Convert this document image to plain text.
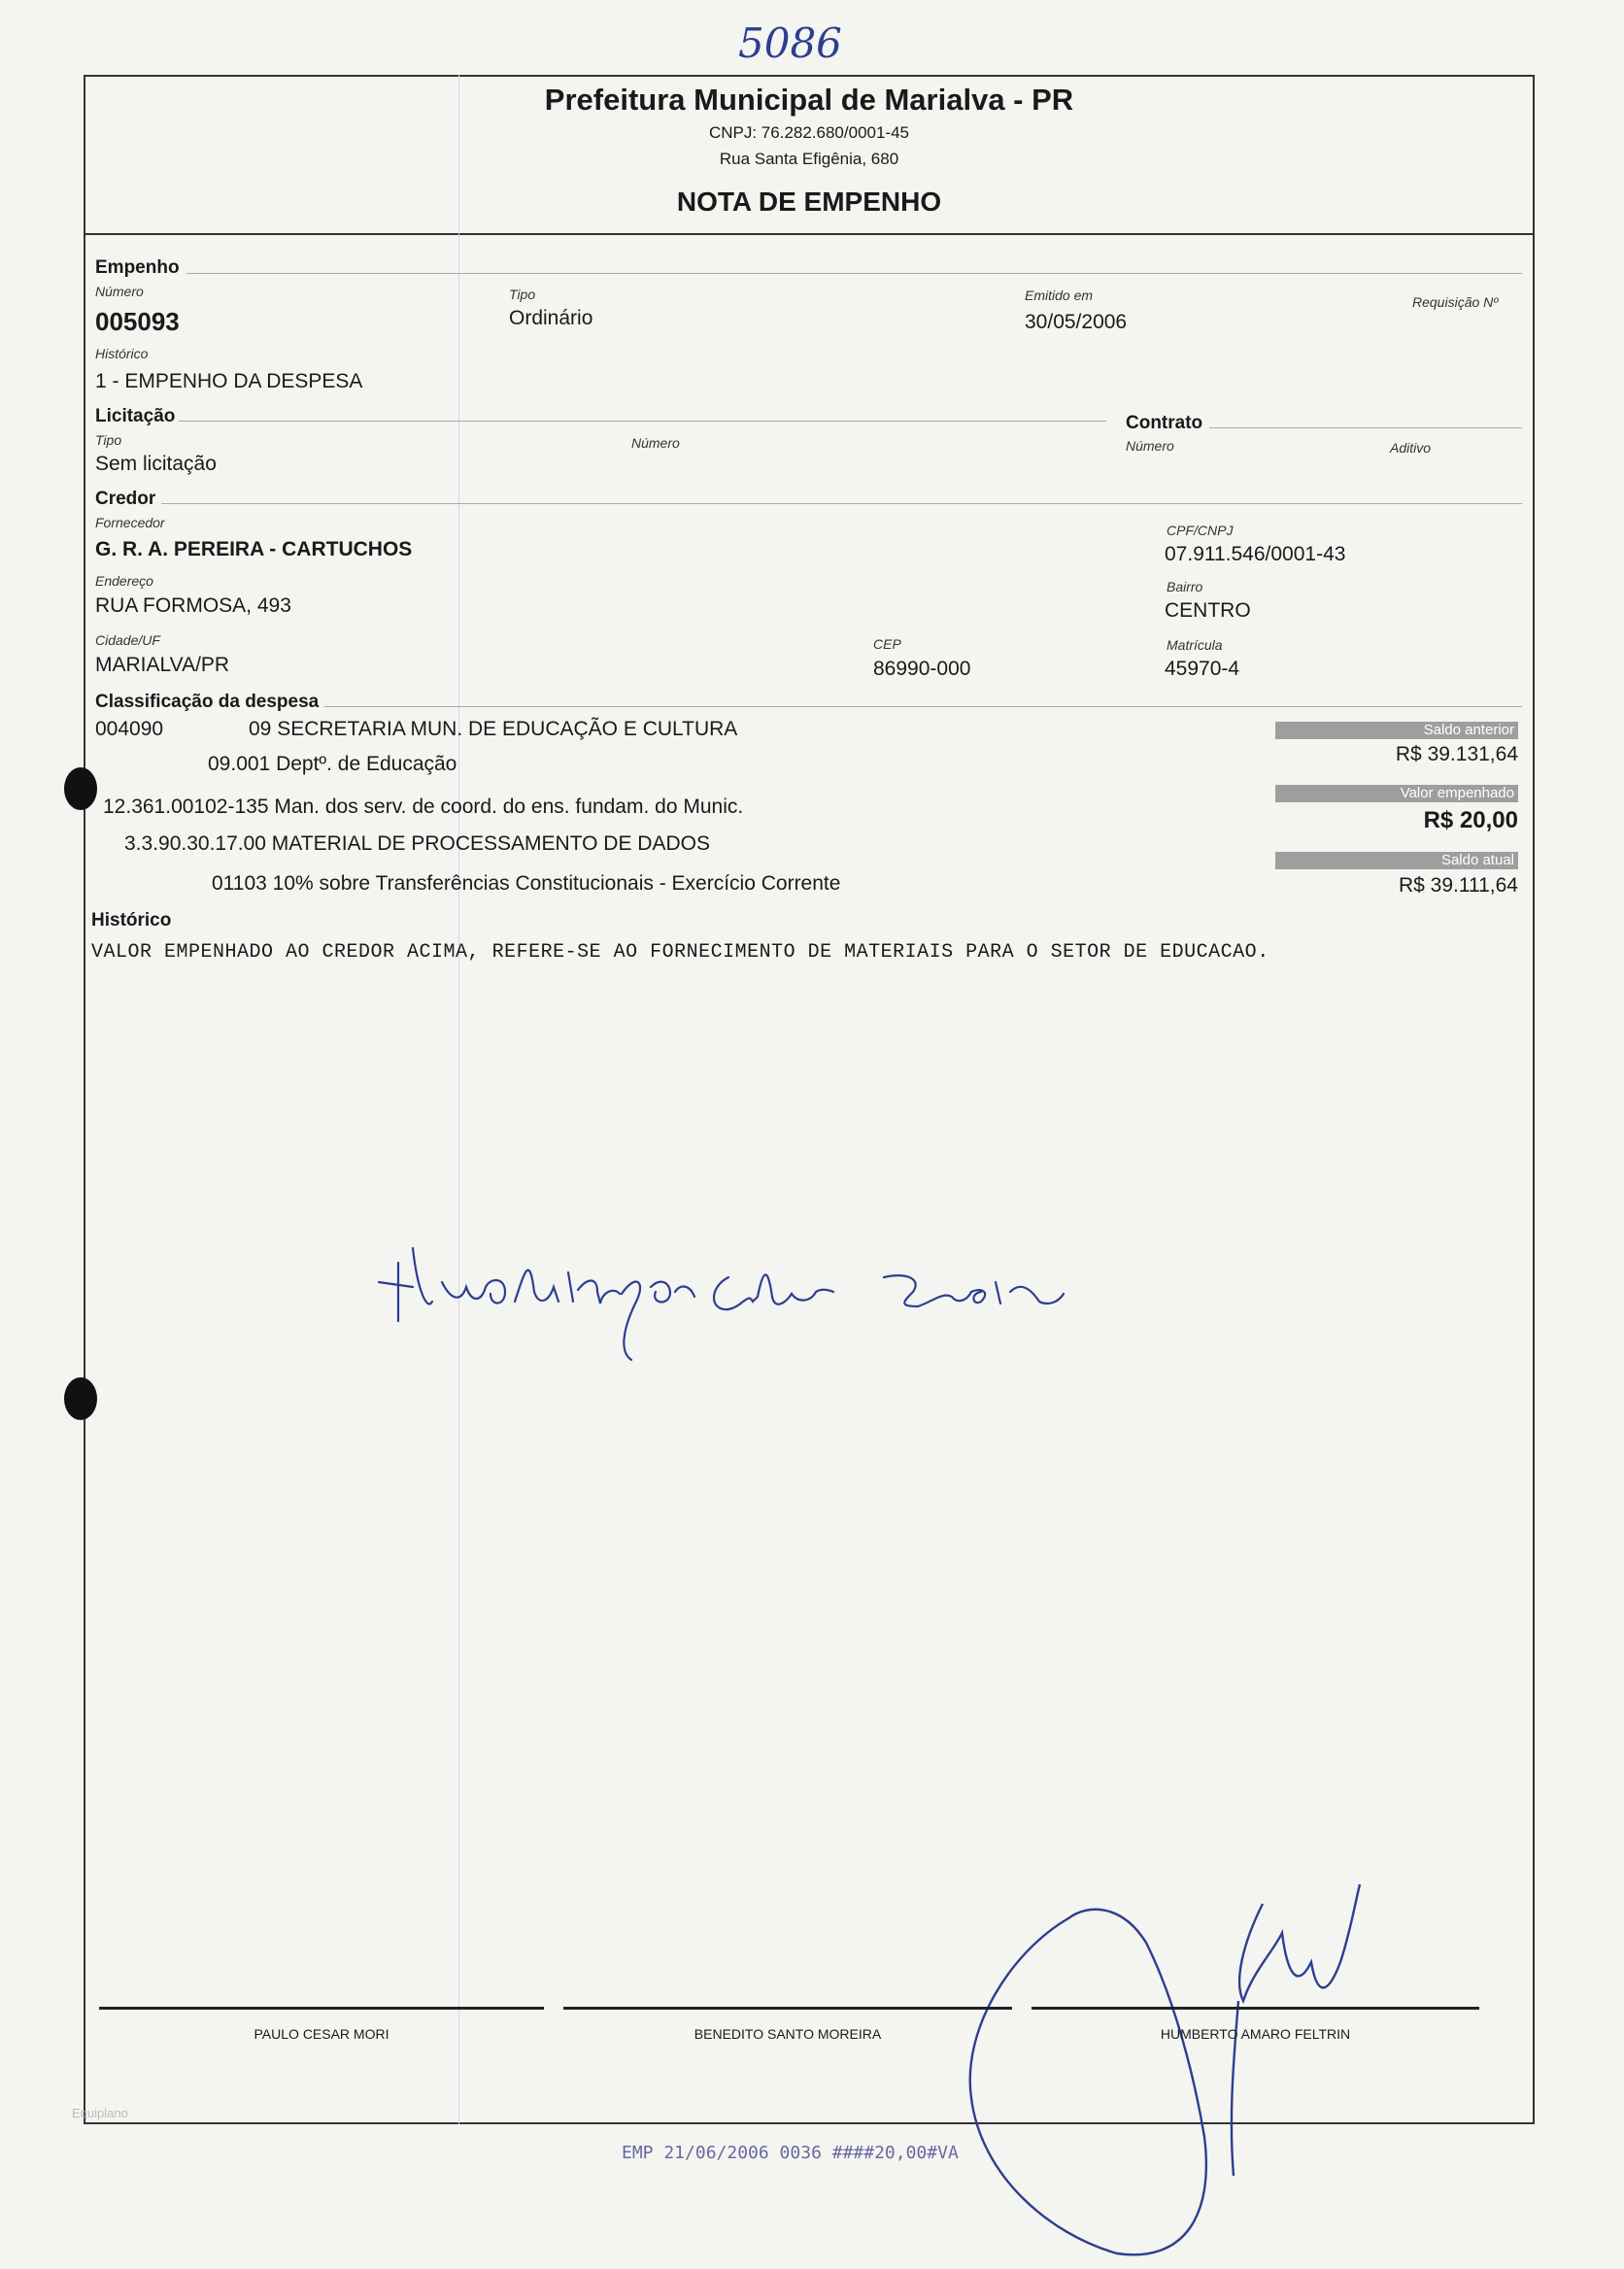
5086
Prefeitura Municipal de Marialva - PR
CNPJ: 76.282.680/0001-45
Rua Santa Efigênia, 680
NOTA DE EMPENHO
Empenho
Número
005093
Tipo
Ordinário
Emitido em
30/05/2006
Requisição Nº
Histórico
1 - EMPENHO DA DESPESA
Licitação
Tipo
Sem licitação
Número
Contrato
Número	Aditivo
Credor
Fornecedor
G. R. A. PEREIRA - CARTUCHOS
CPF/CNPJ
07.911.546/0001-43
Endereço
RUA FORMOSA, 493
Bairro
CENTRO
Cidade/UF
MARIALVA/PR
CEP
86990-000
Matrícula
45970-4
Classificação da despesa
004090	09 SECRETARIA MUN. DE EDUCAÇÃO E CULTURA
09.001 Deptº. de Educação
12.361.00102-135 Man. dos serv. de coord. do ens. fundam. do Munic.
3.3.90.30.17.00 MATERIAL DE PROCESSAMENTO DE DADOS
01103 10% sobre Transferências Constitucionais - Exercício Corrente
Saldo anterior
R$ 39.131,64
Valor empenhado
R$ 20,00
Saldo atual
R$ 39.111,64
Histórico
VALOR EMPENHADO AO CREDOR ACIMA, REFERE-SE AO FORNECIMENTO DE MATERIAIS PARA O SETOR DE EDUCACAO.
PAULO CESAR MORI	BENEDITO SANTO MOREIRA	HUMBERTO AMARO FELTRIN
Equiplano
EMP 21/06/2006 0036 ####20,00#VA
